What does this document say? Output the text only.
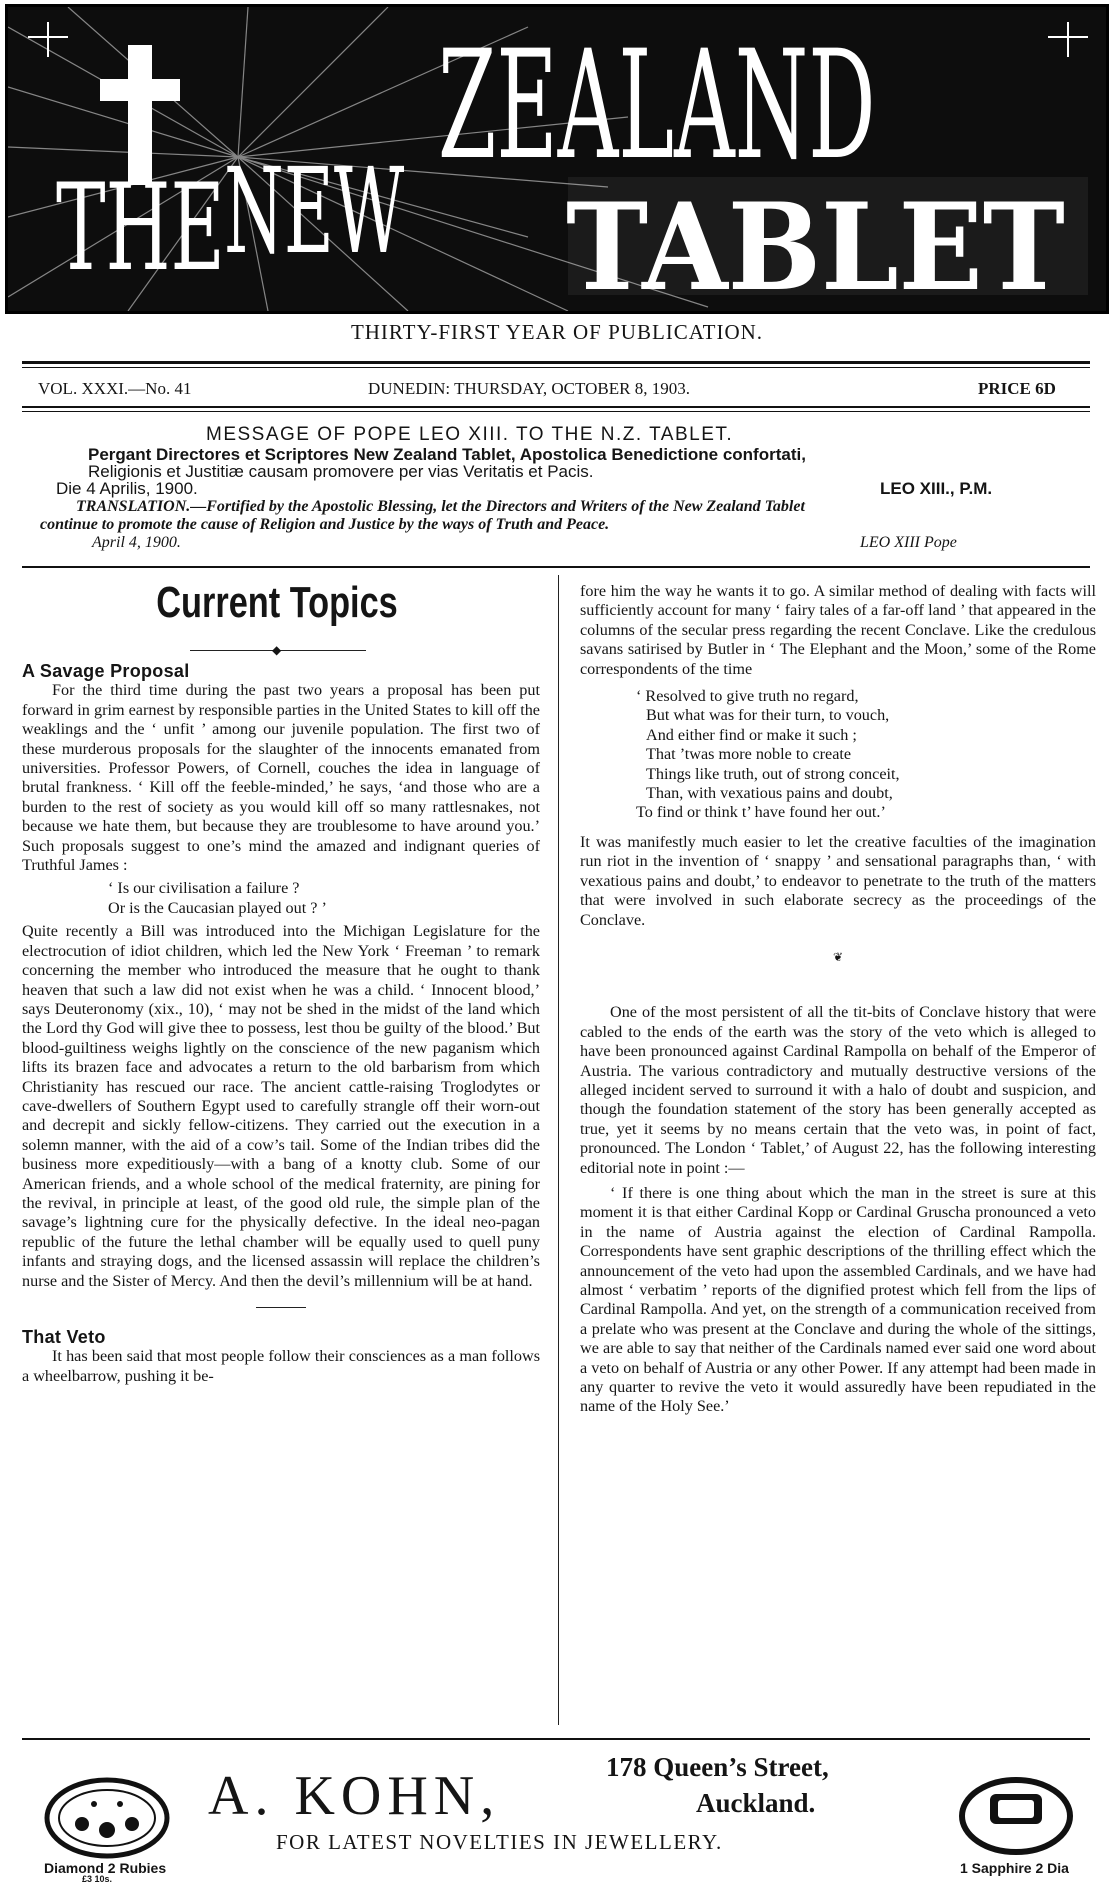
THE NEW
ZEALAND
TABLET
THIRTY-FIRST YEAR OF PUBLICATION.
VOL. XXXI.—No. 41	DUNEDIN: THURSDAY, OCTOBER 8, 1903.	PRICE 6D
MESSAGE OF POPE LEO XIII. TO THE N.Z. TABLET.
Pergant Directores et Scriptores New Zealand Tablet, Apostolica Benedictione confortati,
Religionis et Justitiæ causam promovere per vias Veritatis et Pacis.
Die 4 Aprilis, 1900.	LEO XIII., P.M.
TRANSLATION.—Fortified by the Apostolic Blessing, let the Directors and Writers of the New Zealand Tablet
continue to promote the cause of Religion and Justice by the ways of Truth and Peace.
April 4, 1900.	LEO XIII Pope
Current Topics
◆
A Savage Proposal

For the third time during the past two years a proposal has been put forward in grim earnest by responsible parties in the United States to kill off the weaklings and the ‘ unfit ’ among our juvenile population. The first two of these murderous proposals for the slaughter of the innocents emanated from universities. Professor Powers, of Cornell, couches the idea in language of brutal frankness. ‘ Kill off the feeble-minded,’ he says, ‘and those who are a burden to the rest of society as you would kill off so many rattlesnakes, not because we hate them, but because they are troublesome to have around you.’ Such proposals suggest to one’s mind the amazed and indignant queries of Truthful James :

‘ Is our civilisation a failure ?
Or is the Caucasian played out ? ’

Quite recently a Bill was introduced into the Michigan Legislature for the electrocution of idiot children, which led the New York ‘ Freeman ’ to remark concerning the member who introduced the measure that he ought to thank heaven that such a law did not exist when he was a child. ‘ Innocent blood,’ says Deuteronomy (xix., 10), ‘ may not be shed in the midst of the land which the Lord thy God will give thee to possess, lest thou be guilty of the blood.’ But blood-guiltiness weighs lightly on the conscience of the new paganism which lifts its brazen face and advocates a return to the old barbarism from which Christianity has rescued our race. The ancient cattle-raising Troglodytes or cave-dwellers of Southern Egypt used to carefully strangle off their worn-out and decrepit and sickly fellow-citizens. They carried out the execution in a solemn manner, with the aid of a cow’s tail. Some of the Indian tribes did the business more expeditiously—with a bang of a knotty club. Some of our American friends, and a whole school of the medical fraternity, are pining for the revival, in principle at least, of the good old rule, the simple plan of the savage’s lightning cure for the physically defective. In the ideal neo-pagan republic of the future the lethal chamber will be equally used to quell puny infants and straying dogs, and the licensed assassin will replace the children’s nurse and the Sister of Mercy. And then the devil’s millennium will be at hand.

That Veto

It has been said that most people follow their consciences as a man follows a wheelbarrow, pushing it be-

fore him the way he wants it to go. A similar method of dealing with facts will sufficiently account for many ‘ fairy tales of a far-off land ’ that appeared in the columns of the secular press regarding the recent Conclave. Like the credulous savans satirised by Butler in ‘ The Elephant and the Moon,’ some of the Rome correspondents of the time

‘ Resolved to give truth no regard,
But what was for their turn, to vouch,
And either find or make it such ;
That ’twas more noble to create
Things like truth, out of strong conceit,
Than, with vexatious pains and doubt,
To find or think t’ have found her out.’

It was manifestly much easier to let the creative faculties of the imagination run riot in the invention of ‘ snappy ’ and sensational paragraphs than, ‘ with vexatious pains and doubt,’ to endeavor to penetrate to the truth of the matters that were involved in such elaborate secrecy as the proceedings of the Conclave.

❦

One of the most persistent of all the tit-bits of Conclave history that were cabled to the ends of the earth was the story of the veto which is alleged to have been pronounced against Cardinal Rampolla on behalf of the Emperor of Austria. The various contradictory and mutually destructive versions of the alleged incident served to surround it with a halo of doubt and suspicion, and though the foundation statement of the story has been generally accepted as true, yet it seems by no means certain that the veto was, in point of fact, pronounced. The London ‘ Tablet,’ of August 22, has the following interesting editorial note in point :—

‘ If there is one thing about which the man in the street is sure at this moment it is that either Cardinal Kopp or Cardinal Gruscha pronounced a veto in the name of Austria against the election of Cardinal Rampolla. Correspondents have sent graphic descriptions of the thrilling effect which the announcement of the veto had upon the assembled Cardinals, and we have had almost ‘ verbatim ’ reports of the dignified protest which fell from the lips of Cardinal Rampolla. And yet, on the strength of a communication received from a prelate who was present at the Conclave and during the whole of the sittings, we are able to say that neither of the Cardinals named ever said one word about a veto on behalf of Austria or any other Power. If any attempt had been made in any quarter to revive the veto it would assuredly have been repudiated in the name of the Holy See.’

Diamond 2 Rubies
£3 10s.
1 Sapphire 2 Dia
A. KOHN,	178 Queen’s Street,
Auckland.
FOR LATEST NOVELTIES IN JEWELLERY.
